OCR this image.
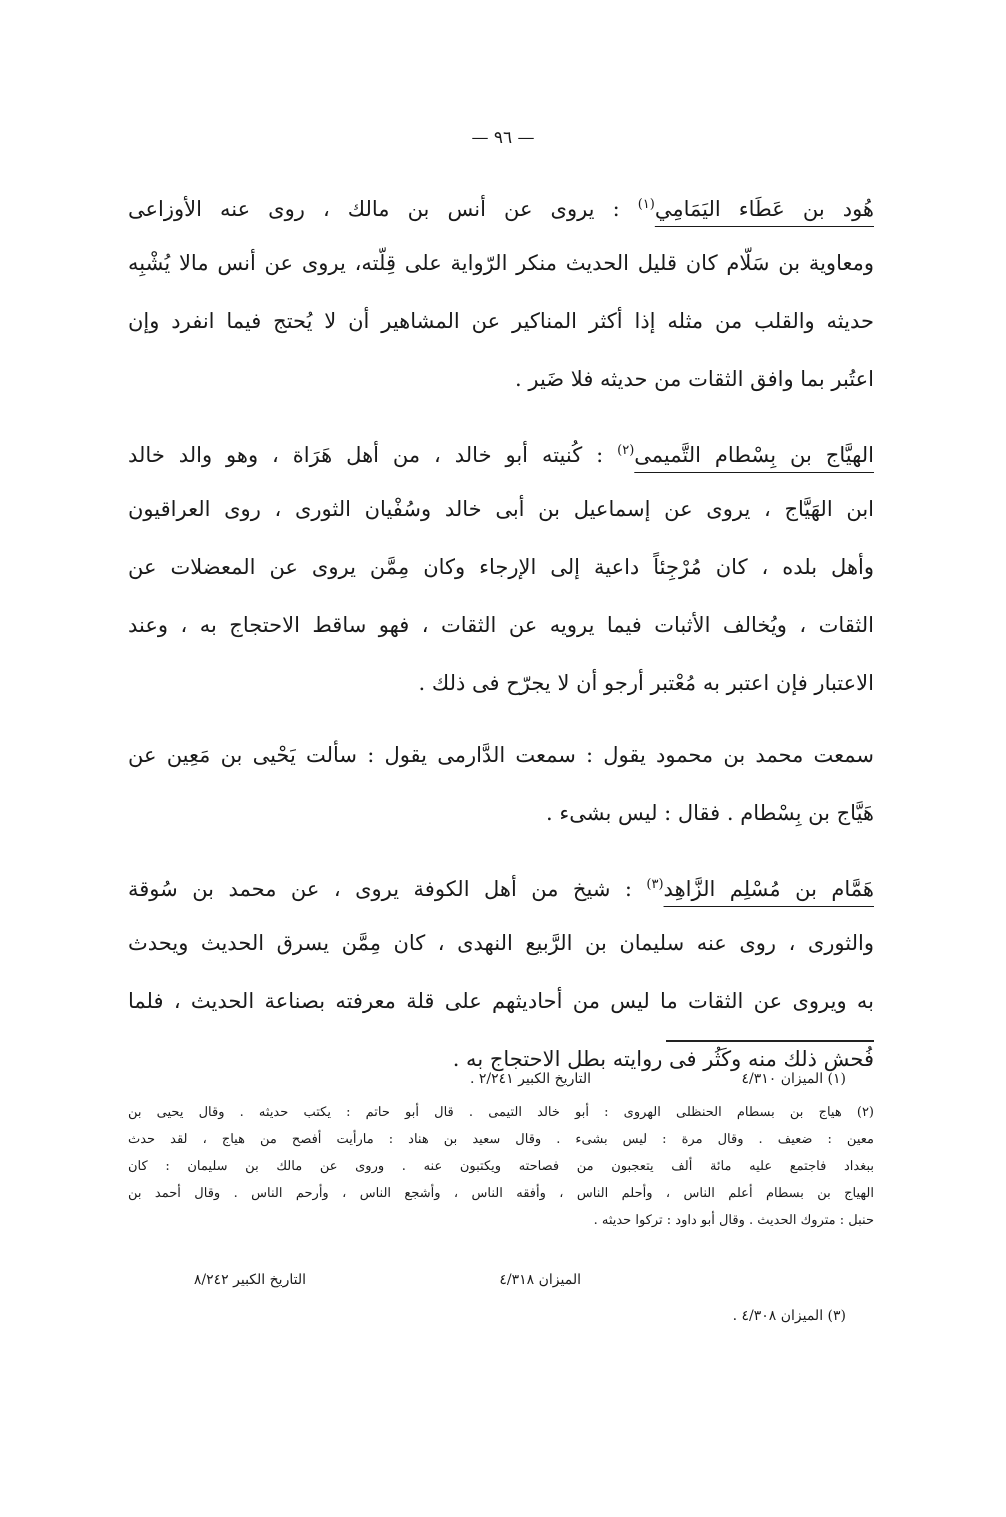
— ٩٦ —
هُود بن عَطَاء اليَمَامِي$^{(١)}$ : يروى عن أنس بن مالك ، روى عنه الأوزاعى
ومعاوية بن سَلّام كان قليل الحديث منكر الرّواية على قِلّته، يروى عن أنس مالا يُشْبِه
حديثه والقلب من مثله إذا أكثر المناكير عن المشاهير أن لا يُحتج فيما انفرد وإن
اعتُبر بما وافق الثقات من حديثه فلا ضَير .
الهيَّاج بن بِسْطام التَّميمى$^{(٢)}$ : كُنيته أبو خالد ، من أهل هَرَاة ، وهو والد خالد
ابن الهَيَّاج ، يروى عن إسماعيل بن أبى خالد وسُفْيان الثورى ، روى العراقيون
وأهل بلده ، كان مُرْجِئاً داعية إلى الإرجاء وكان مِمَّن يروى عن المعضلات عن
الثقات ، ويُخالف الأثبات فيما يرويه عن الثقات ، فهو ساقط الاحتجاج به ، وعند
الاعتبار فإن اعتبر به مُعْتبر أرجو أن لا يجرّح فى ذلك .
سمعت محمد بن محمود يقول : سمعت الدَّارمى يقول : سألت يَحْيى بن مَعِين عن
هَيَّاج بن بِسْطام . فقال : ليس بشىء .
هَمَّام بن مُسْلِم الزَّاهِد$^{(٣)}$ : شيخ من أهل الكوفة يروى ، عن محمد بن سُوقة
والثورى ، روى عنه سليمان بن الرَّبيع النهدى ، كان مِمَّن يسرق الحديث ويحدث
به ويروى عن الثقات ما ليس من أحاديثهم على قلة معرفته بصناعة الحديث ، فلما
فُحش ذلك منه وكَثُر فى روايته بطل الاحتجاج به .
(١) الميزان ٤/٣١٠
التاريخ الكبير ٢/٢٤١ .
(٢) هياج بن بسطام الحنظلى الهروى : أبو خالد التيمى . قال أبو حاتم : يكتب حديثه . وقال يحيى بن
معين : ضعيف . وقال مرة : ليس بشىء . وقال سعيد بن هناد : مارأيت أفصح من هياج ، لقد حدث
ببغداد فاجتمع عليه مائة ألف يتعجبون من فصاحته ويكتبون عنه . وروى عن مالك بن سليمان : كان
الهياج بن بسطام أعلم الناس ، وأحلم الناس ، وأفقه الناس ، وأشجع الناس ، وأرحم الناس . وقال أحمد بن
حنبل : متروك الحديث . وقال أبو داود : تركوا حديثه .
الميزان ٤/٣١٨
التاريخ الكبير ٨/٢٤٢
(٣) الميزان ٤/٣٠٨ .
